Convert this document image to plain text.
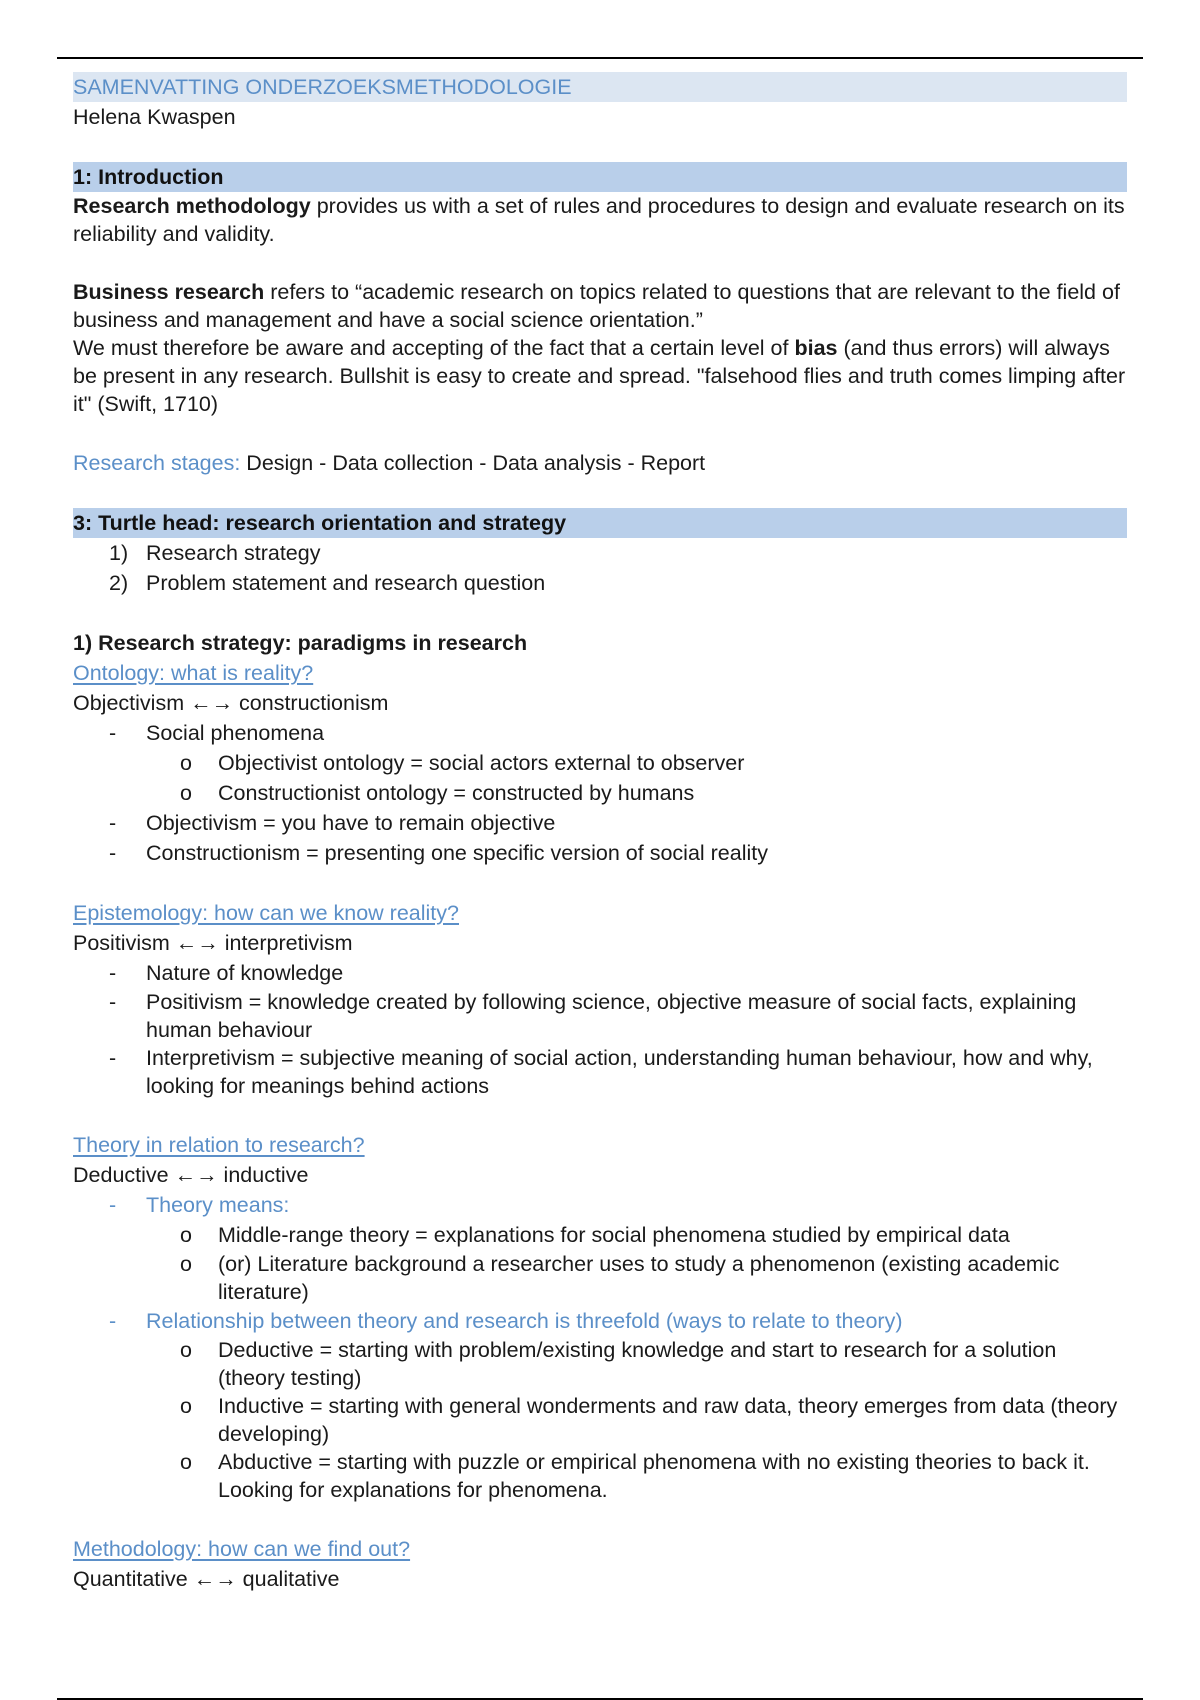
SAMENVATTING ONDERZOEKSMETHODOLOGIE
Helena Kwaspen
1: Introduction
Research methodology provides us with a set of rules and procedures to design and evaluate research on its reliability and validity.
Business research refers to “academic research on topics related to questions that are relevant to the field of business and management and have a social science orientation.”
We must therefore be aware and accepting of the fact that a certain level of bias (and thus errors) will always be present in any research. Bullshit is easy to create and spread. "falsehood flies and truth comes limping after it" (Swift, 1710)
Research stages: Design - Data collection - Data analysis - Report
3: Turtle head: research orientation and strategy
1) Research strategy
2) Problem statement and research question
1) Research strategy: paradigms in research
Ontology: what is reality?
Objectivism ←→ constructionism
- Social phenomena
o Objectivist ontology = social actors external to observer
o Constructionist ontology = constructed by humans
- Objectivism = you have to remain objective
- Constructionism = presenting one specific version of social reality
Epistemology: how can we know reality?
Positivism ←→ interpretivism
- Nature of knowledge
- Positivism = knowledge created by following science, objective measure of social facts, explaining human behaviour
- Interpretivism = subjective meaning of social action, understanding human behaviour, how and why, looking for meanings behind actions
Theory in relation to research?
Deductive ←→ inductive
- Theory means:
o Middle-range theory = explanations for social phenomena studied by empirical data
o (or) Literature background a researcher uses to study a phenomenon (existing academic literature)
- Relationship between theory and research is threefold (ways to relate to theory)
o Deductive = starting with problem/existing knowledge and start to research for a solution (theory testing)
o Inductive = starting with general wonderments and raw data, theory emerges from data (theory developing)
o Abductive = starting with puzzle or empirical phenomena with no existing theories to back it. Looking for explanations for phenomena.
Methodology: how can we find out?
Quantitative ←→ qualitative
